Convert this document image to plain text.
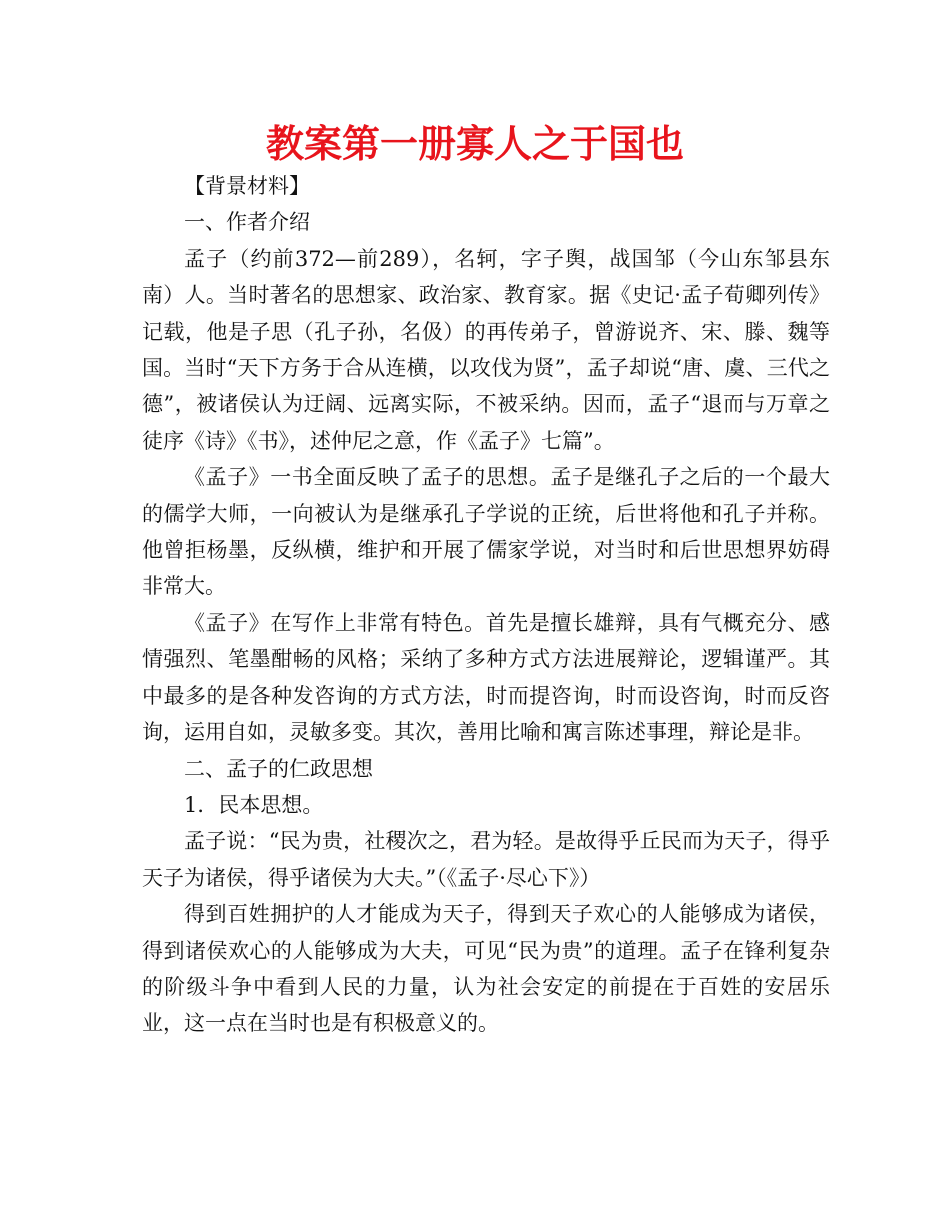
教案第一册寡人之于国也

【背景材料】

一、作者介绍

孟子（约前372—前289），名轲，字子舆，战国邹（今山东邹县东南）人。当时著名的思想家、政治家、教育家。据《史记·孟子荀卿列传》记载，他是子思（孔子孙，名伋）的再传弟子，曾游说齐、宋、滕、魏等国。当时“天下方务于合从连横，以攻伐为贤”，孟子却说“唐、虞、三代之德”，被诸侯认为迂阔、远离实际，不被采纳。因而，孟子“退而与万章之徒序《诗》《书》，述仲尼之意，作《孟子》七篇”。

《孟子》一书全面反映了孟子的思想。孟子是继孔子之后的一个最大的儒学大师，一向被认为是继承孔子学说的正统，后世将他和孔子并称。他曾拒杨墨，反纵横，维护和开展了儒家学说，对当时和后世思想界妨碍非常大。

《孟子》在写作上非常有特色。首先是擅长雄辩，具有气概充分、感情强烈、笔墨酣畅的风格；采纳了多种方式方法进展辩论，逻辑谨严。其中最多的是各种发咨询的方式方法，时而提咨询，时而设咨询，时而反咨询，运用自如，灵敏多变。其次，善用比喻和寓言陈述事理，辩论是非。

二、孟子的仁政思想

1．民本思想。

孟子说：“民为贵，社稷次之，君为轻。是故得乎丘民而为天子，得乎天子为诸侯，得乎诸侯为大夫。”（《孟子·尽心下》）

得到百姓拥护的人才能成为天子，得到天子欢心的人能够成为诸侯，得到诸侯欢心的人能够成为大夫，可见“民为贵”的道理。孟子在锋利复杂的阶级斗争中看到人民的力量，认为社会安定的前提在于百姓的安居乐业，这一点在当时也是有积极意义的。
